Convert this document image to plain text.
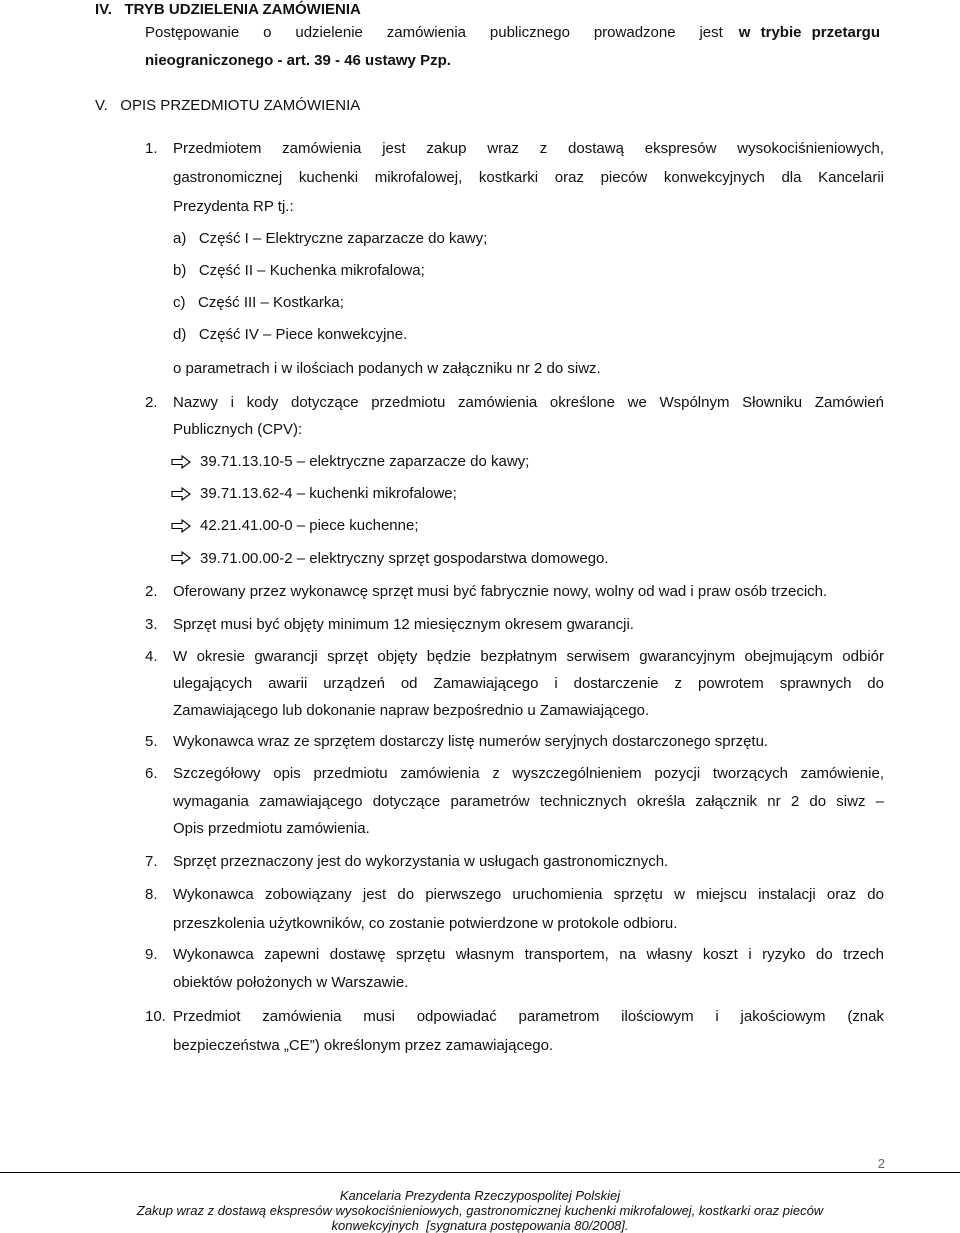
IV.   TRYB UDZIELENIA ZAMÓWIENIA
Postępowanie o udzielenie zamówienia publicznego prowadzone jest	w trybie przetargu
nieograniczonego - art. 39 - 46 ustawy Pzp.
V.   OPIS PRZEDMIOTU ZAMÓWIENIA
1. Przedmiotem zamówienia jest zakup wraz z dostawą ekspresów wysokociśnieniowych,
gastronomicznej kuchenki mikrofalowej, kostkarki oraz pieców konwekcyjnych dla Kancelarii
Prezydenta RP tj.:
a)   Część I – Elektryczne zaparzacze do kawy;
b)   Część II – Kuchenka mikrofalowa;
c)   Część III – Kostkarka;
d)   Część IV – Piece konwekcyjne.
o parametrach i w ilościach podanych w załączniku nr 2 do siwz.
2. Nazwy i kody dotyczące przedmiotu zamówienia określone we Wspólnym Słowniku Zamówień
Publicznych (CPV):
39.71.13.10-5 – elektryczne zaparzacze do kawy;
39.71.13.62-4 – kuchenki mikrofalowe;
42.21.41.00-0 – piece kuchenne;
39.71.00.00-2 – elektryczny sprzęt gospodarstwa domowego.
2. Oferowany przez wykonawcę sprzęt musi być fabrycznie nowy, wolny od wad i praw osób trzecich.
3. Sprzęt musi być objęty minimum 12 miesięcznym okresem gwarancji.
4. W okresie gwarancji sprzęt objęty będzie bezpłatnym serwisem gwarancyjnym obejmującym odbiór
ulegających awarii urządzeń od Zamawiającego i dostarczenie z powrotem sprawnych do
Zamawiającego lub dokonanie napraw bezpośrednio u Zamawiającego.
5. Wykonawca wraz ze sprzętem dostarczy listę numerów seryjnych dostarczonego sprzętu.
6. Szczegółowy opis przedmiotu zamówienia z wyszczególnieniem pozycji tworzących zamówienie,
wymagania zamawiającego dotyczące parametrów technicznych określa załącznik nr 2 do siwz –
Opis przedmiotu zamówienia.
7. Sprzęt przeznaczony jest do wykorzystania w usługach gastronomicznych.
8. Wykonawca zobowiązany jest do pierwszego uruchomienia sprzętu w miejscu instalacji oraz do
przeszkolenia użytkowników, co zostanie potwierdzone w protokole odbioru.
9. Wykonawca zapewni dostawę sprzętu własnym transportem, na własny koszt i ryzyko do trzech
obiektów położonych w Warszawie.
10. Przedmiot zamówienia musi odpowiadać parametrom ilościowym i jakościowym (znak
bezpieczeństwa „CE”) określonym przez zamawiającego.
2
Kancelaria Prezydenta Rzeczypospolitej Polskiej
Zakup wraz z dostawą ekspresów wysokociśnieniowych, gastronomicznej kuchenki mikrofalowej, kostkarki oraz pieców
konwekcyjnych  [sygnatura postępowania 80/2008].
